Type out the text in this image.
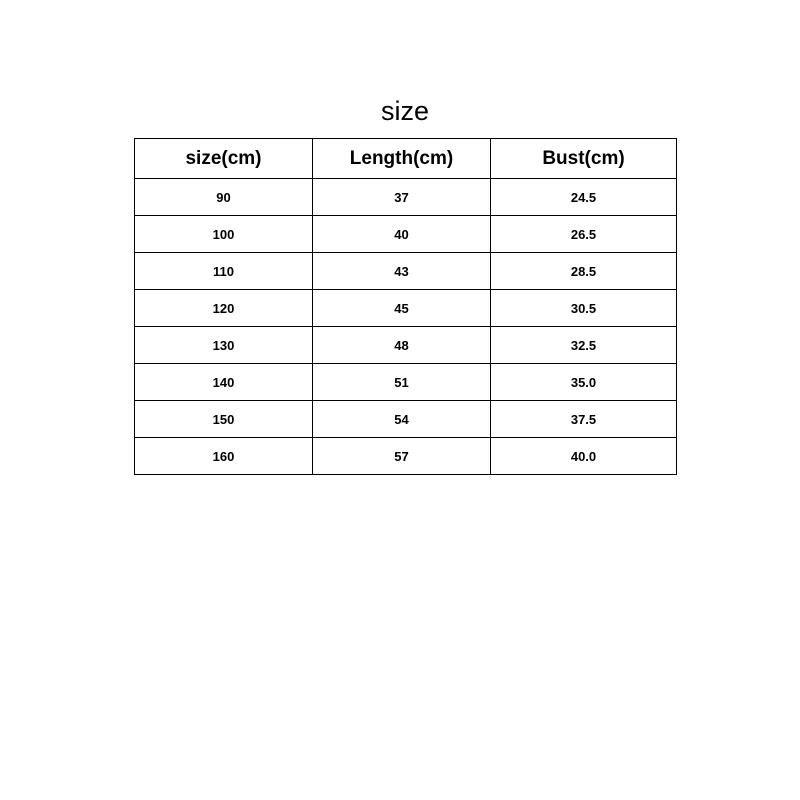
size
size(cm)	Length(cm)	Bust(cm)
90	37	24.5
100	40	26.5
110	43	28.5
120	45	30.5
130	48	32.5
140	51	35.0
150	54	37.5
160	57	40.0
